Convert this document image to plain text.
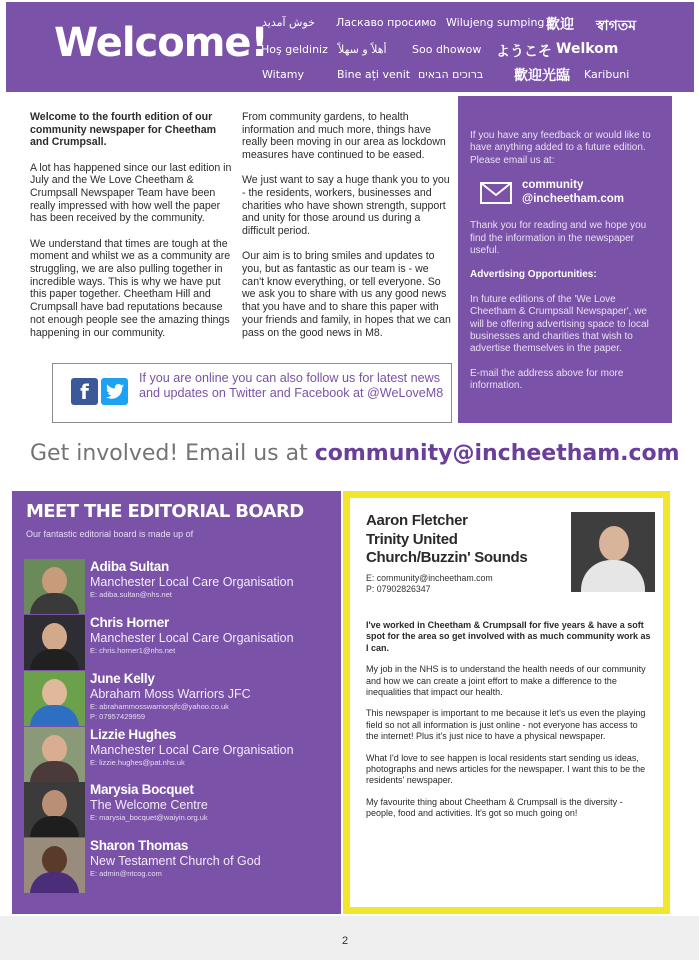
Welcome!
خوش آمدید Ласкаво просимо Wilujeng sumping 歡迎 স্বাগতম
Hoş geldiniz أهلاً و سهلاً Soo dhowow ようこそ Welkom
Witamy	Bine ați venit ברוכים הבאים 歡迎光臨 Karibuni

Welcome to the fourth edition of our community newspaper for Cheetham and Crumpsall.

A lot has happened since our last edition in July and the We Love Cheetham & Crumpsall Newspaper Team have been really impressed with how well the paper has been received by the community.

We understand that times are tough at the moment and whilst we as a community are struggling, we are also pulling together in incredible ways. This is why we have put this paper together. Cheetham Hill and Crumpsall have bad reputations because not enough people see the amazing things happening in our community.

From community gardens, to health information and much more, things have really been moving in our area as lockdown measures have continued to be eased.

We just want to say a huge thank you to you - the residents, workers, businesses and charities who have shown strength, support and unity for those around us during a difficult period.

Our aim is to bring smiles and updates to you, but as fantastic as our team is - we can't know everything, or tell everyone. So we ask you to share with us any good news that you have and to share this paper with your friends and family, in hopes that we can pass on the good news in M8.

If you have any feedback or would like to have anything added to a future edition. Please email us at:

community
@incheetham.com

Thank you for reading and we hope you find the information in the newspaper useful.

Advertising Opportunities:

In future editions of the 'We Love Cheetham & Crumpsall Newspaper', we will be offering advertising space to local businesses and charities that wish to advertise themselves in the paper.

E-mail the address above for more information.

f
If you are online you can also follow us for latest news and updates on Twitter and Facebook at @WeLoveM8
Get involved! Email us at community@incheetham.com
MEET THE EDITORIAL BOARD
Our fantastic editorial board is made up of
Adiba Sultan
Manchester Local Care Organisation
E: adiba.sultan@nhs.net
Chris Horner
Manchester Local Care Organisation
E: chris.horner1@nhs.net
June Kelly
Abraham Moss Warriors JFC
E: abrahammosswarriorsjfc@yahoo.co.uk
P: 07957429959
Lizzie Hughes
Manchester Local Care Organisation
E: lizzie.hughes@pat.nhs.uk
Marysia Bocquet
The Welcome Centre
E: marysia_bocquet@waiyin.org.uk
Sharon Thomas
New Testament Church of God
E: admin@ntcog.com
Aaron Fletcher
Trinity United
Church/Buzzin' Sounds
E: community@incheetham.com
P: 07902826347

I've worked in Cheetham & Crumpsall for five years & have a soft spot for the area so get involved with as much community work as I can.

My job in the NHS is to understand the health needs of our community and how we can create a joint effort to make a difference to the inequalities that impact our health.

This newspaper is important to me because it let's us even the playing field so not all information is just online - not everyone has access to the internet! Plus it's just nice to have a physical newspaper.

What I'd love to see happen is local residents start sending us ideas, photographs and news articles for the newspaper. I want this to be the residents' newspaper.

My favourite thing about Cheetham & Crumpsall is the diversity - people, food and activities. It's got so much going on!

2
